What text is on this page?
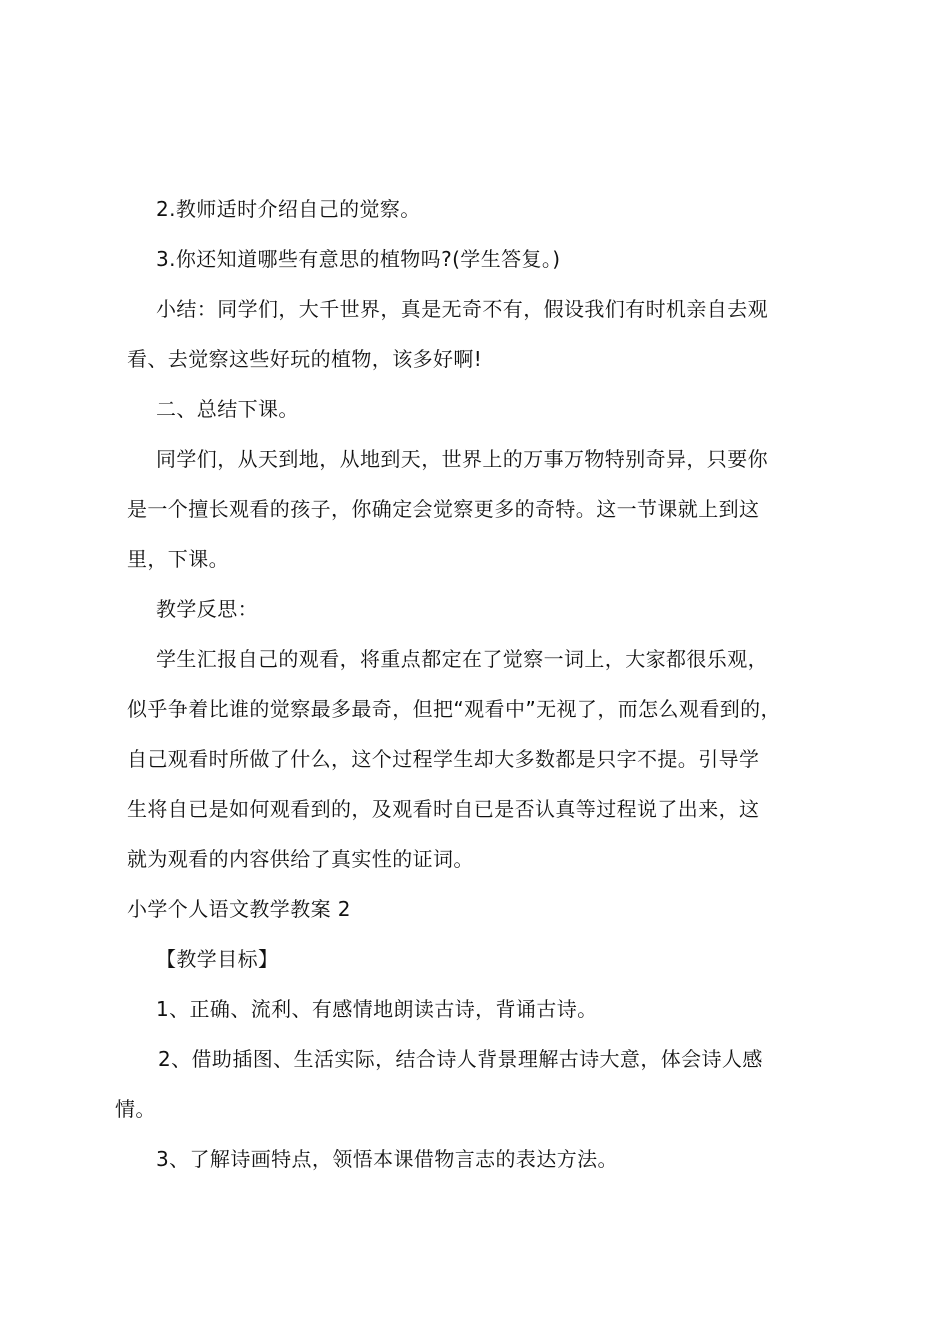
2.教师适时介绍自己的觉察。
3.你还知道哪些有意思的植物吗?(学生答复。)
小结：同学们，大千世界，真是无奇不有，假设我们有时机亲自去观
看、去觉察这些好玩的植物，该多好啊!
二、总结下课。
同学们，从天到地，从地到天，世界上的万事万物特别奇异，只要你
是一个擅长观看的孩子，你确定会觉察更多的奇特。这一节课就上到这
里，下课。
教学反思：
学生汇报自己的观看，将重点都定在了觉察一词上，大家都很乐观，
似乎争着比谁的觉察最多最奇，但把“观看中”无视了，而怎么观看到的，
自己观看时所做了什么，这个过程学生却大多数都是只字不提。引导学
生将自已是如何观看到的，及观看时自已是否认真等过程说了出来，这
就为观看的内容供给了真实性的证词。
小学个人语文教学教案 2
【教学目标】
1、正确、流利、有感情地朗读古诗，背诵古诗。
2、借助插图、生活实际，结合诗人背景理解古诗大意，体会诗人感
情。
3、了解诗画特点，领悟本课借物言志的表达方法。
